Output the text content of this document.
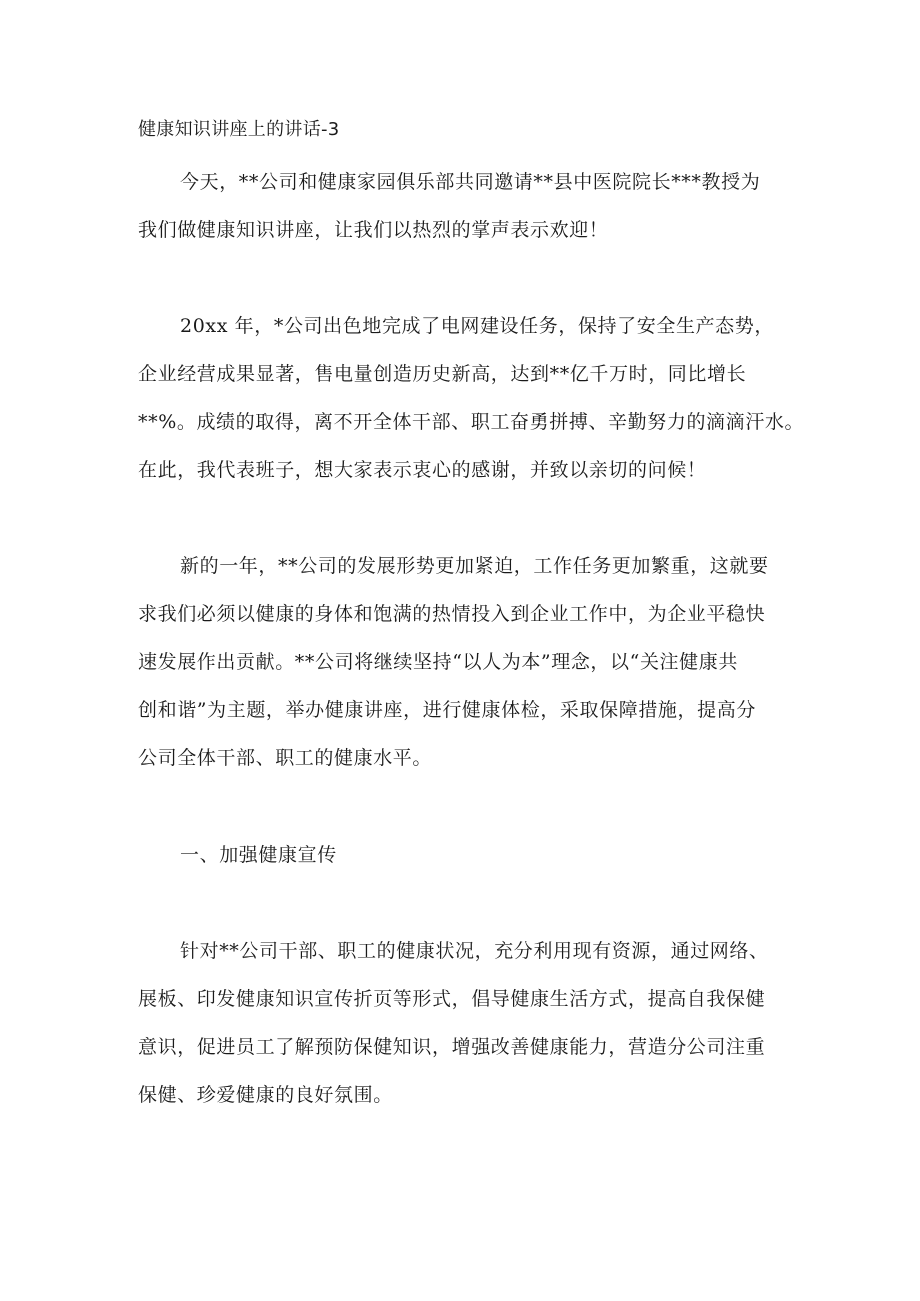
健康知识讲座上的讲话-3
今天，**公司和健康家园俱乐部共同邀请**县中医院院长***教授为
我们做健康知识讲座，让我们以热烈的掌声表示欢迎！
20xx 年，*公司出色地完成了电网建设任务，保持了安全生产态势，
企业经营成果显著，售电量创造历史新高，达到**亿千万时，同比增长
**%。成绩的取得，离不开全体干部、职工奋勇拼搏、辛勤努力的滴滴汗水。
在此，我代表班子，想大家表示衷心的感谢，并致以亲切的问候！
新的一年，**公司的发展形势更加紧迫，工作任务更加繁重，这就要
求我们必须以健康的身体和饱满的热情投入到企业工作中，为企业平稳快
速发展作出贡献。**公司将继续坚持“以人为本”理念，以“关注健康共
创和谐”为主题，举办健康讲座，进行健康体检，采取保障措施，提高分
公司全体干部、职工的健康水平。
一、加强健康宣传
针对**公司干部、职工的健康状况，充分利用现有资源，通过网络、
展板、印发健康知识宣传折页等形式，倡导健康生活方式，提高自我保健
意识，促进员工了解预防保健知识，增强改善健康能力，营造分公司注重
保健、珍爱健康的良好氛围。
